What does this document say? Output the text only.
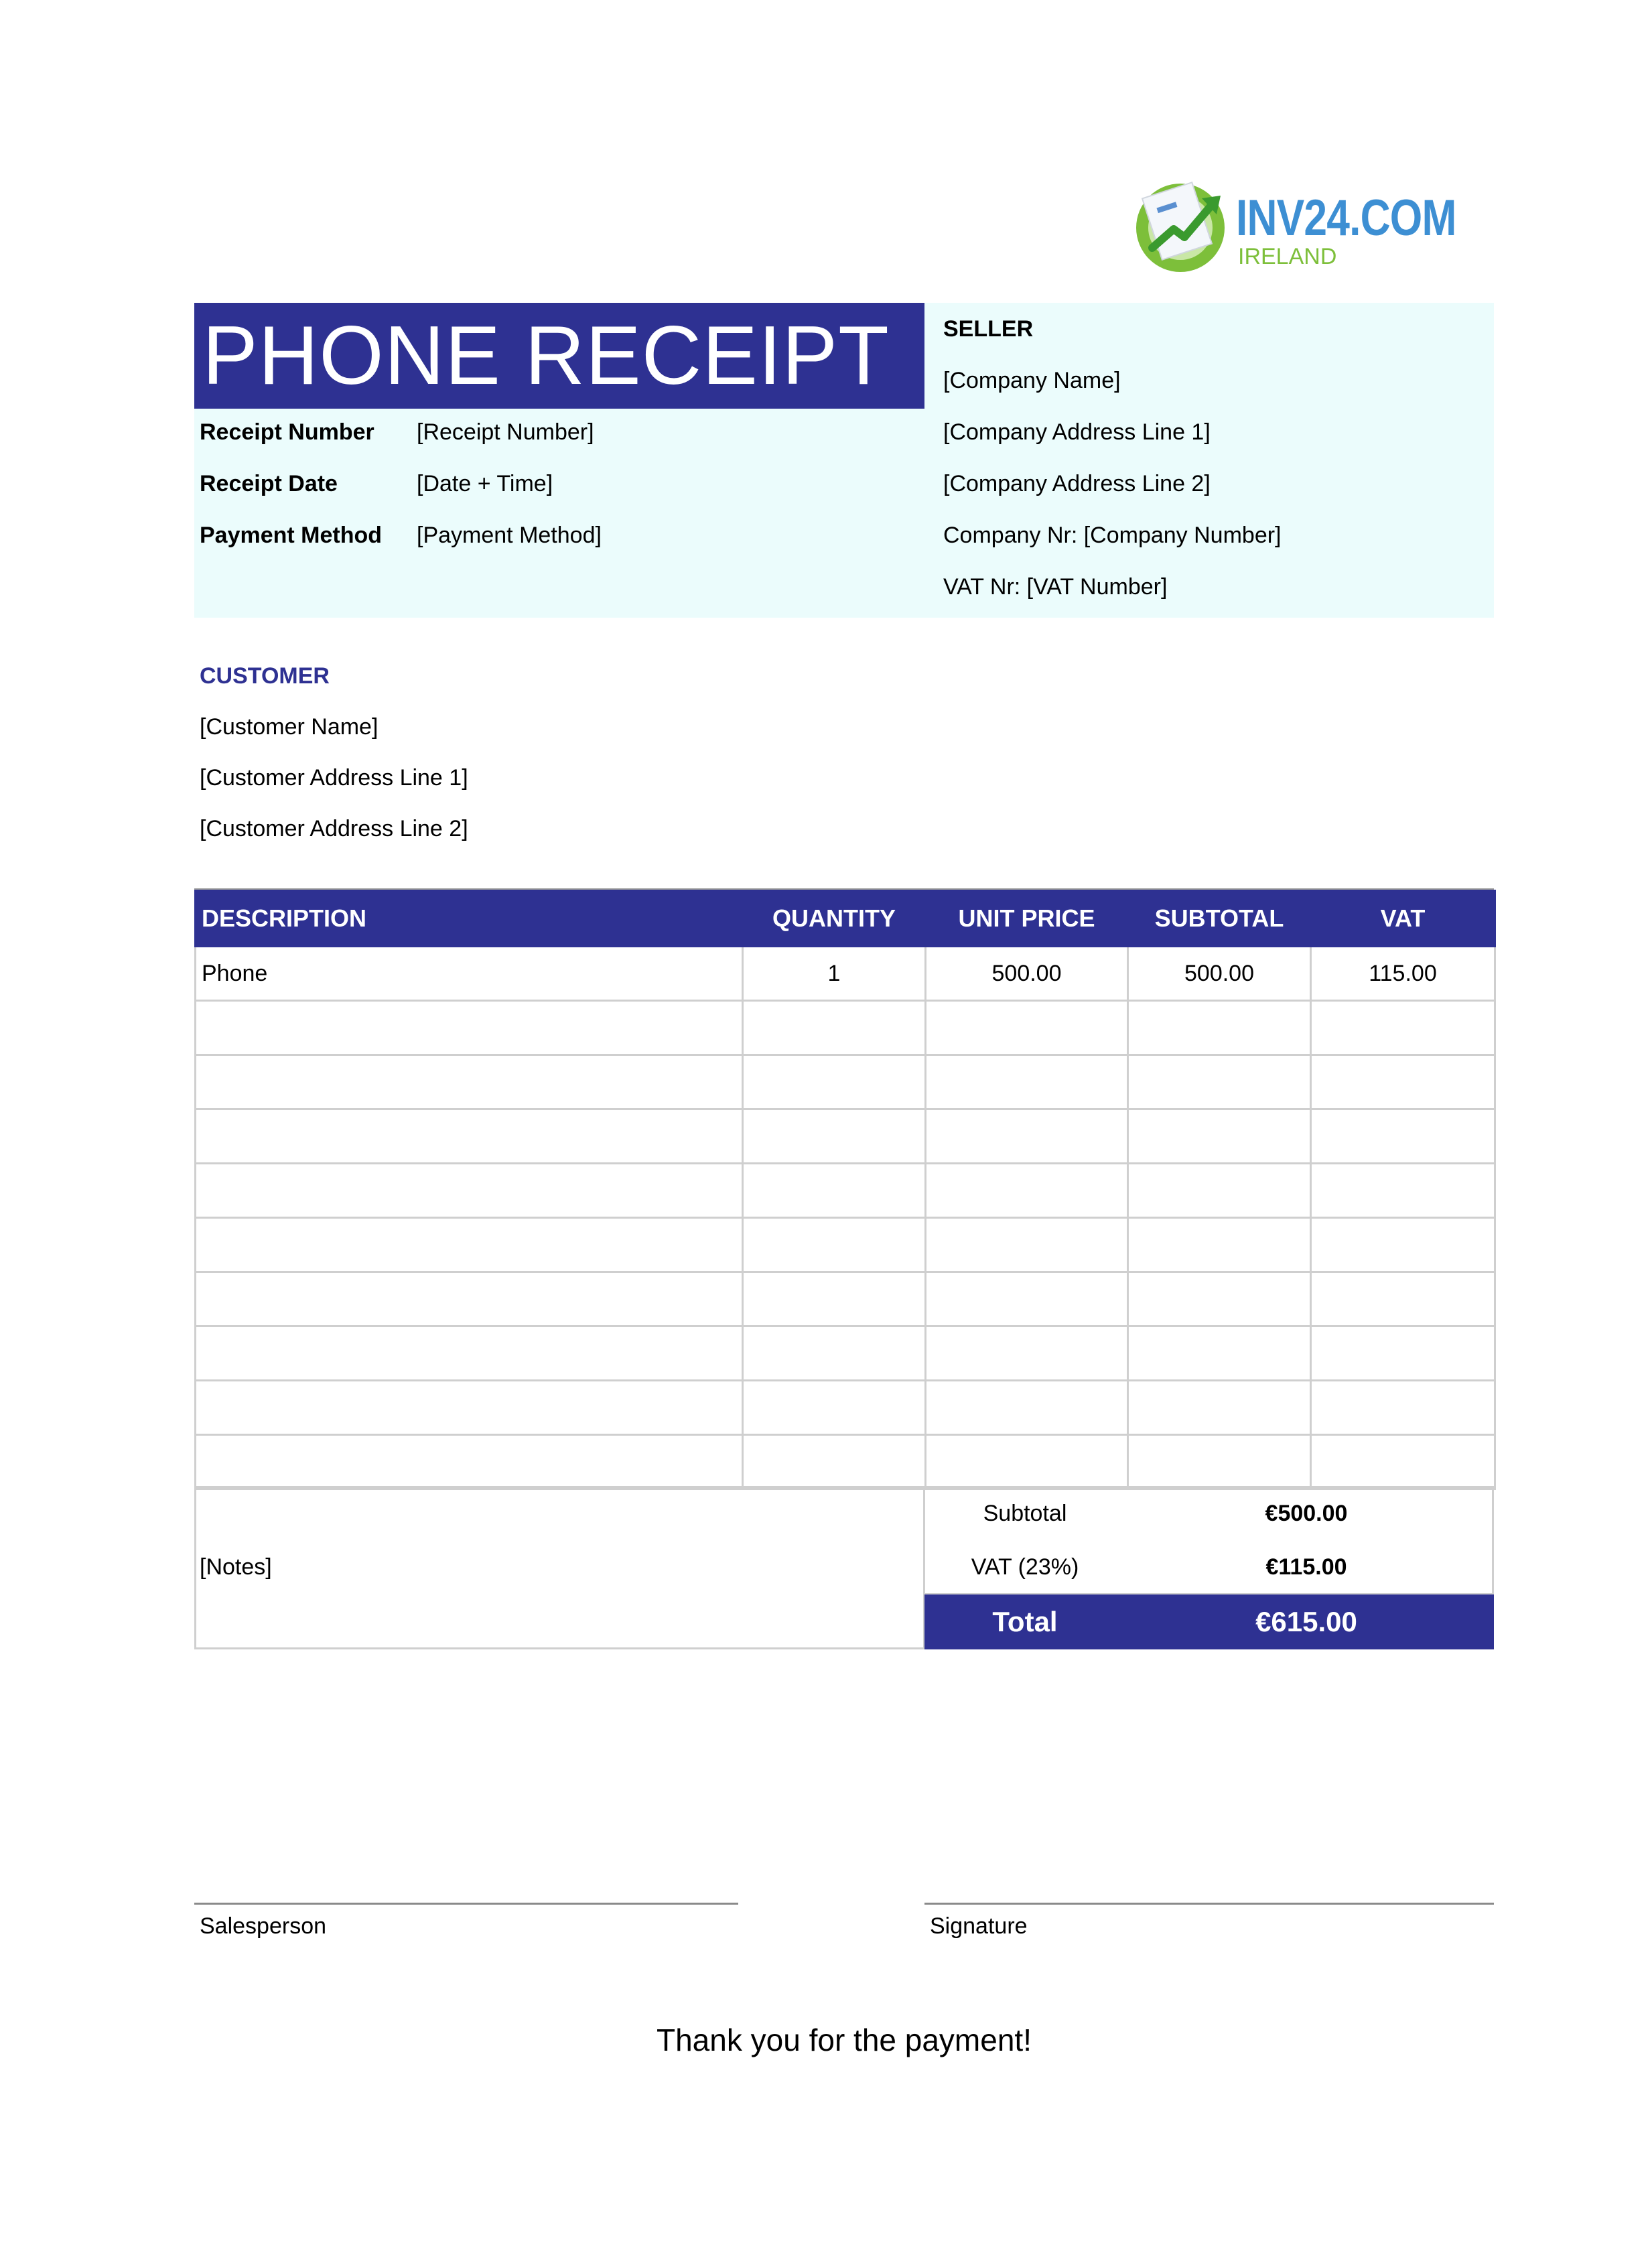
INV24.COM
IRELAND
PHONE RECEIPT
Receipt Number [Receipt Number]
Receipt Date	[Date + Time]
Payment Method [Payment Method]
SELLER
[Company Name]
[Company Address Line 1]
[Company Address Line 2]
Company Nr: [Company Number]
VAT Nr: [VAT Number]
CUSTOMER
[Customer Name]
[Customer Address Line 1]
[Customer Address Line 2]
DESCRIPTION	QUANTITY	UNIT PRICE	SUBTOTAL	VAT
Phone	1	500.00	500.00	115.00

[Notes]
Subtotal	€500.00
VAT (23%)	€115.00
Total	€615.00
Salesperson	Signature
Thank you for the payment!
